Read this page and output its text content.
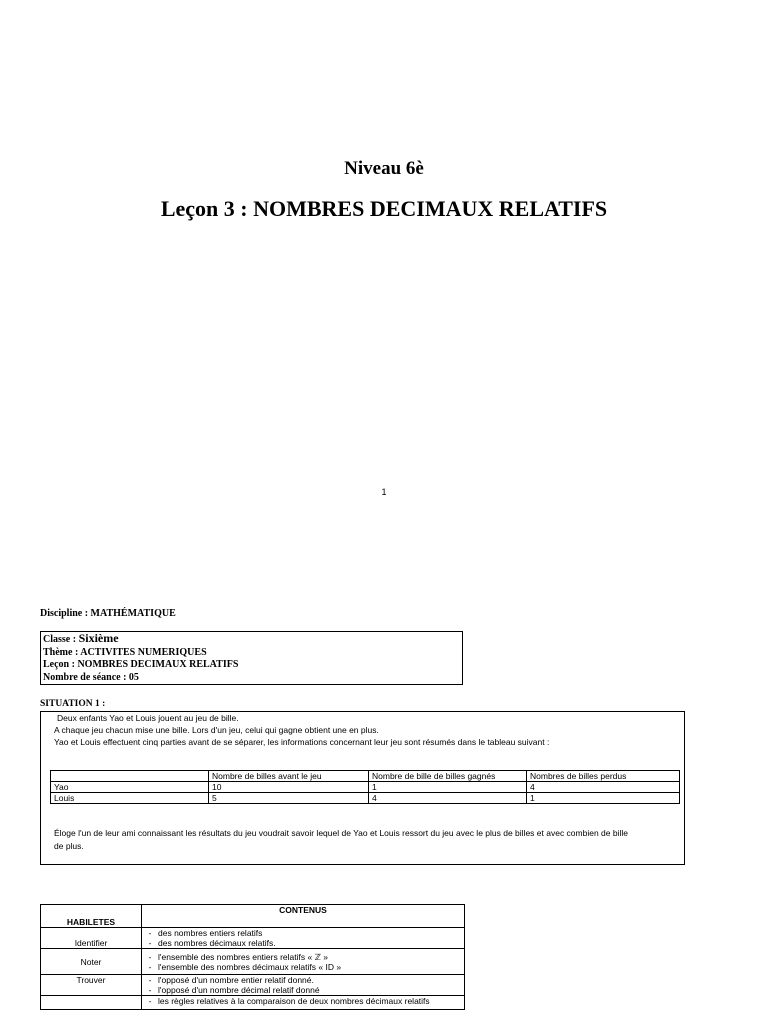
Niveau 6è
Leçon 3 : NOMBRES DECIMAUX RELATIFS
1
Discipline : MATHÉMATIQUE
Classe : Sixième
Thème : ACTIVITES NUMERIQUES
Leçon : NOMBRES DECIMAUX RELATIFS
Nombre de séance : 05
SITUATION 1 :
Deux enfants Yao et Louis jouent au jeu de bille.
A chaque jeu chacun mise une bille. Lors d'un jeu, celui qui gagne obtient une en plus.
Yao et Louis effectuent cinq parties avant de se séparer, les informations concernant leur jeu sont résumés dans le tableau suivant :
	Nombre de billes avant le jeu	Nombre de bille de billes gagnés	Nombres de billes perdus
Yao	10	1	4
Louis	5	4	1
Éloge l'un de leur ami connaissant les résultats du jeu voudrait savoir lequel de Yao et Louis ressort du jeu avec le plus de billes et avec combien de bille
de plus.
HABILETES	CONTENUS
Identifier	- des nombres entiers relatifs
- des nombres décimaux relatifs.

Noter	- l'ensemble des nombres entiers relatifs « ℤ »
- l'ensemble des nombres décimaux relatifs « ID »

Trouver	- l'opposé d'un nombre entier relatif donné.
- l'opposé d'un nombre décimal relatif donné

	- les règles relatives à la comparaison de deux nombres décimaux relatifs
